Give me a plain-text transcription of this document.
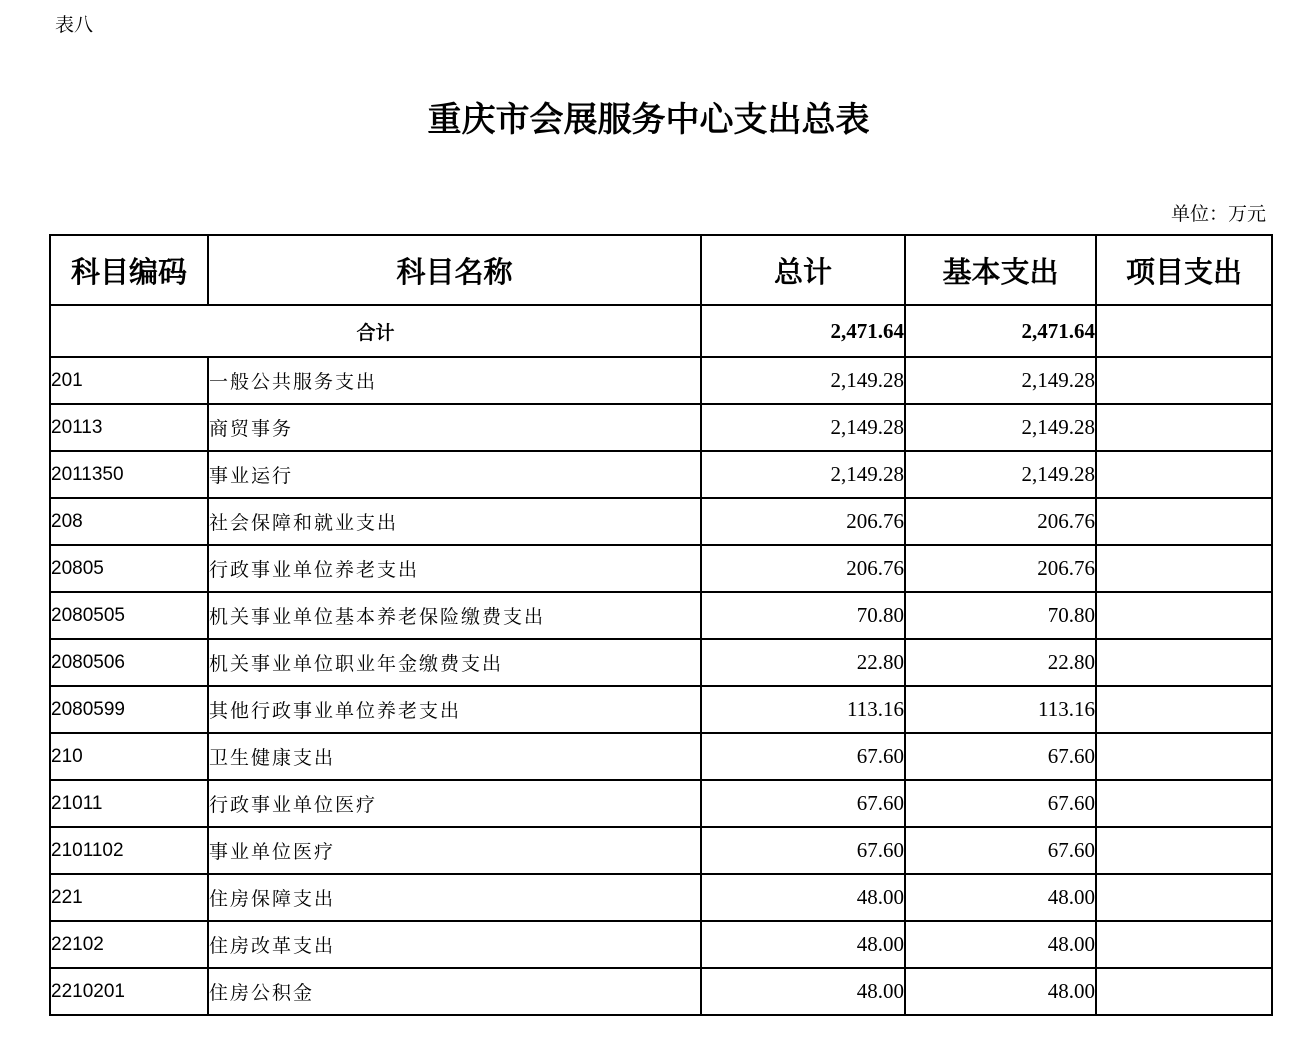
表八
重庆市会展服务中心支出总表
单位：万元
科目编码	科目名称	总计	基本支出	项目支出
合计		2,471.64	2,471.64	
201	一般公共服务支出	2,149.28	2,149.28	
20113	商贸事务	2,149.28	2,149.28	
2011350	事业运行	2,149.28	2,149.28	
208	社会保障和就业支出	206.76	206.76	
20805	行政事业单位养老支出	206.76	206.76	
2080505	机关事业单位基本养老保险缴费支出	70.80	70.80	
2080506	机关事业单位职业年金缴费支出	22.80	22.80	
2080599	其他行政事业单位养老支出	113.16	113.16	
210	卫生健康支出	67.60	67.60	
21011	行政事业单位医疗	67.60	67.60	
2101102	事业单位医疗	67.60	67.60	
221	住房保障支出	48.00	48.00	
22102	住房改革支出	48.00	48.00	
2210201	住房公积金	48.00	48.00	
